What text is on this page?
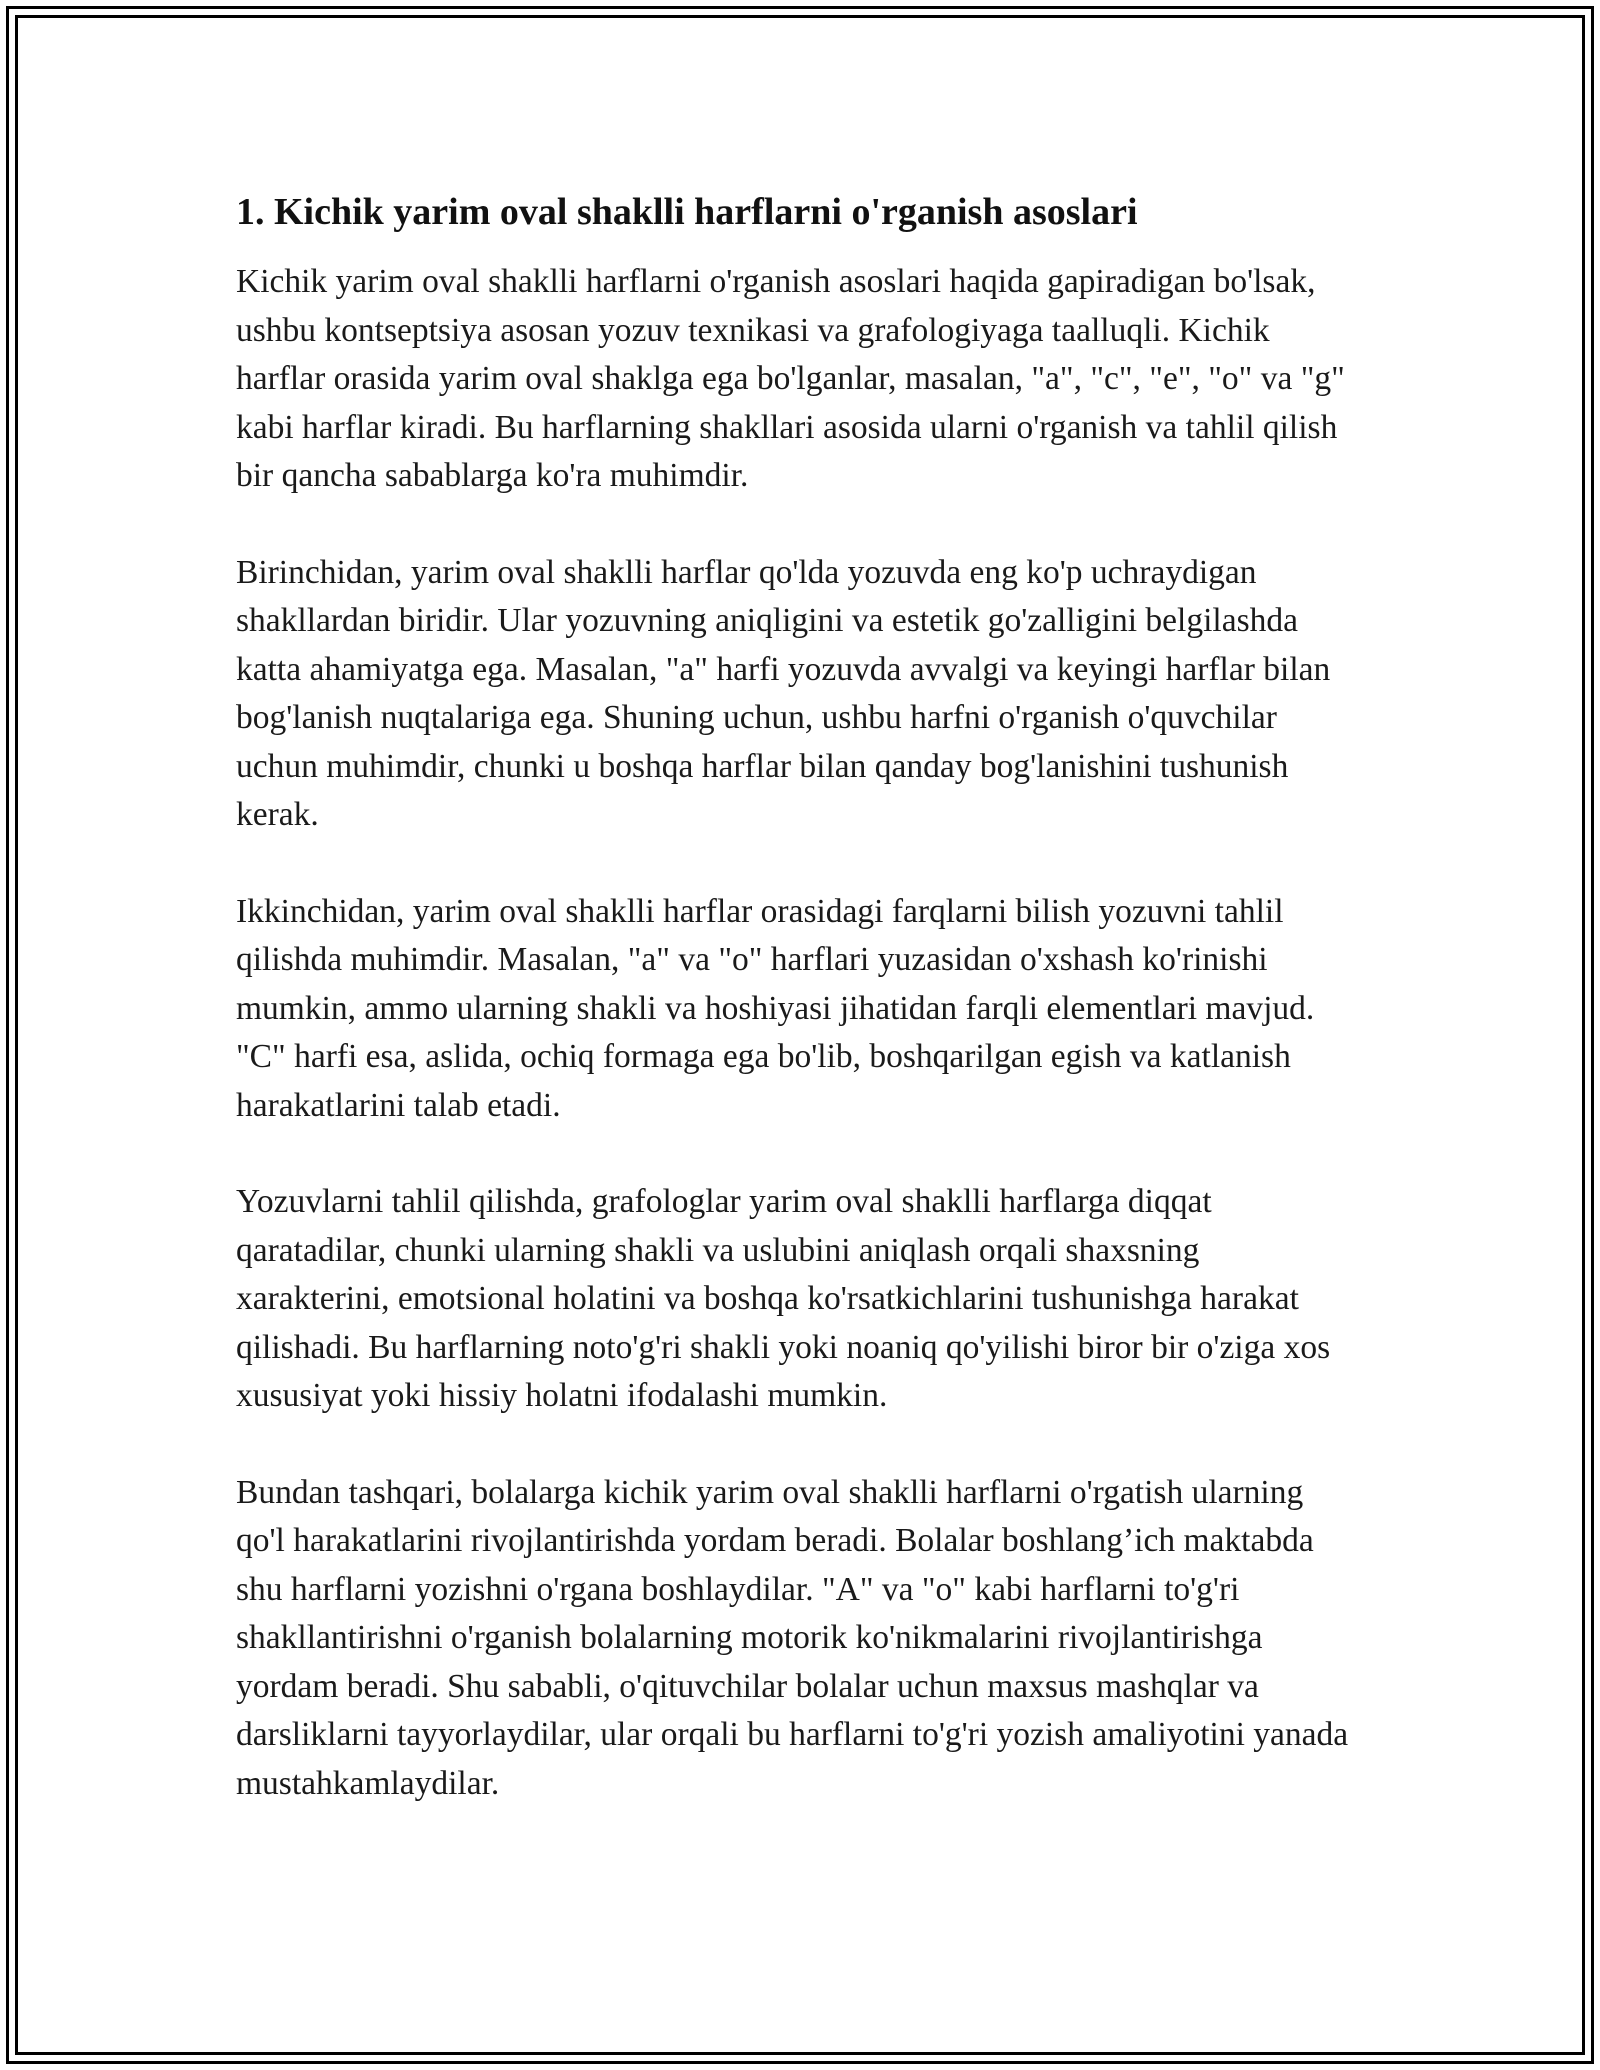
1. Kichik yarim oval shaklli harflarni o'rganish asoslari

Kichik yarim oval shaklli harflarni o'rganish asoslari haqida gapiradigan bo'lsak, ushbu kontseptsiya asosan yozuv texnikasi va grafologiyaga taalluqli. Kichik harflar orasida yarim oval shaklga ega bo'lganlar, masalan, "a", "c", "e", "o" va "g" kabi harflar kiradi. Bu harflarning shakllari asosida ularni o'rganish va tahlil qilish bir qancha sabablarga ko'ra muhimdir.

Birinchidan, yarim oval shaklli harflar qo'lda yozuvda eng ko'p uchraydigan shakllardan biridir. Ular yozuvning aniqligini va estetik go'zalligini belgilashda katta ahamiyatga ega. Masalan, "a" harfi yozuvda avvalgi va keyingi harflar bilan bog'lanish nuqtalariga ega. Shuning uchun, ushbu harfni o'rganish o'quvchilar uchun muhimdir, chunki u boshqa harflar bilan qanday bog'lanishini tushunish kerak.

Ikkinchidan, yarim oval shaklli harflar orasidagi farqlarni bilish yozuvni tahlil qilishda muhimdir. Masalan, "a" va "o" harflari yuzasidan o'xshash ko'rinishi mumkin, ammo ularning shakli va hoshiyasi jihatidan farqli elementlari mavjud. "C" harfi esa, aslida, ochiq formaga ega bo'lib, boshqarilgan egish va katlanish harakatlarini talab etadi.

Yozuvlarni tahlil qilishda, grafologlar yarim oval shaklli harflarga diqqat qaratadilar, chunki ularning shakli va uslubini aniqlash orqali shaxsning xarakterini, emotsional holatini va boshqa ko'rsatkichlarini tushunishga harakat qilishadi. Bu harflarning noto'g'ri shakli yoki noaniq qo'yilishi biror bir o'ziga xos xususiyat yoki hissiy holatni ifodalashi mumkin.

Bundan tashqari, bolalarga kichik yarim oval shaklli harflarni o'rgatish ularning qo'l harakatlarini rivojlantirishda yordam beradi. Bolalar boshlang’ich maktabda shu harflarni yozishni o'rgana boshlaydilar. "A" va "o" kabi harflarni to'g'ri shakllantirishni o'rganish bolalarning motorik ko'nikmalarini rivojlantirishga yordam beradi. Shu sababli, o'qituvchilar bolalar uchun maxsus mashqlar va darsliklarni tayyorlaydilar, ular orqali bu harflarni to'g'ri yozish amaliyotini yanada mustahkamlaydilar.
